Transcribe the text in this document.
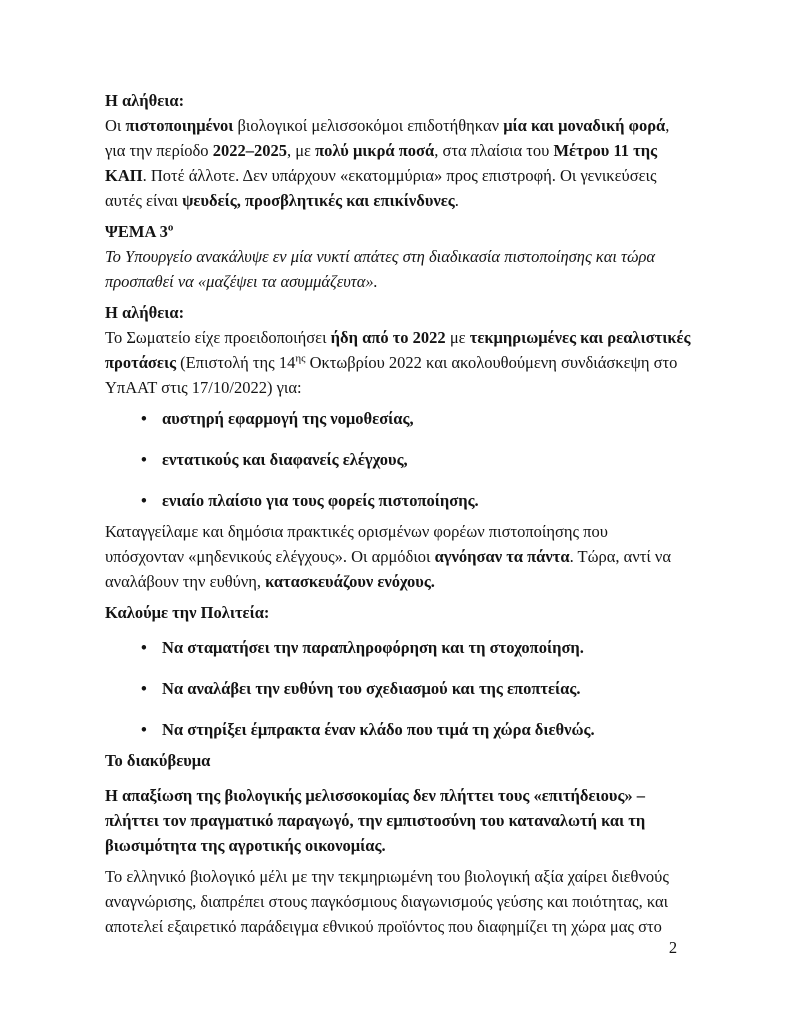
Η αλήθεια:

Οι πιστοποιημένοι βιολογικοί μελισσοκόμοι επιδοτήθηκαν μία και μοναδική φορά, για την περίοδο 2022–2025, με πολύ μικρά ποσά, στα πλαίσια του Μέτρου 11 της ΚΑΠ. Ποτέ άλλοτε. Δεν υπάρχουν «εκατομμύρια» προς επιστροφή. Οι γενικεύσεις αυτές είναι ψευδείς, προσβλητικές και επικίνδυνες.

ΨΕΜΑ $3^o$

Το Υπουργείο ανακάλυψε εν μία νυκτί απάτες στη διαδικασία πιστοποίησης και τώρα προσπαθεί να «μαζέψει τα ασυμμάζευτα».

Η αλήθεια:

Το Σωματείο είχε προειδοποιήσει ήδη από το 2022 με τεκμηριωμένες και ρεαλιστικές προτάσεις (Επιστολή της $14^{\eta\varsigma}$ Οκτωβρίου 2022 και ακολουθούμενη συνδιάσκεψη στο ΥπΑΑΤ στις 17/10/2022) για:

• αυστηρή εφαρμογή της νομοθεσίας,
• εντατικούς και διαφανείς ελέγχους,
• ενιαίο πλαίσιο για τους φορείς πιστοποίησης.

Καταγγείλαμε και δημόσια πρακτικές ορισμένων φορέων πιστοποίησης που υπόσχονταν «μηδενικούς ελέγχους». Οι αρμόδιοι αγνόησαν τα πάντα. Τώρα, αντί να αναλάβουν την ευθύνη, κατασκευάζουν ενόχους.

Καλούμε την Πολιτεία:

• Να σταματήσει την παραπληροφόρηση και τη στοχοποίηση.
• Να αναλάβει την ευθύνη του σχεδιασμού και της εποπτείας.
• Να στηρίξει έμπρακτα έναν κλάδο που τιμά τη χώρα διεθνώς.

Το διακύβευμα

Η απαξίωση της βιολογικής μελισσοκομίας δεν πλήττει τους «επιτήδειους» – πλήττει τον πραγματικό παραγωγό, την εμπιστοσύνη του καταναλωτή και τη βιωσιμότητα της αγροτικής οικονομίας.

Το ελληνικό βιολογικό μέλι με την τεκμηριωμένη του βιολογική αξία χαίρει διεθνούς αναγνώρισης, διαπρέπει στους παγκόσμιους διαγωνισμούς γεύσης και ποιότητας, και αποτελεί εξαιρετικό παράδειγμα εθνικού προϊόντος που διαφημίζει τη χώρα μας στο

2
